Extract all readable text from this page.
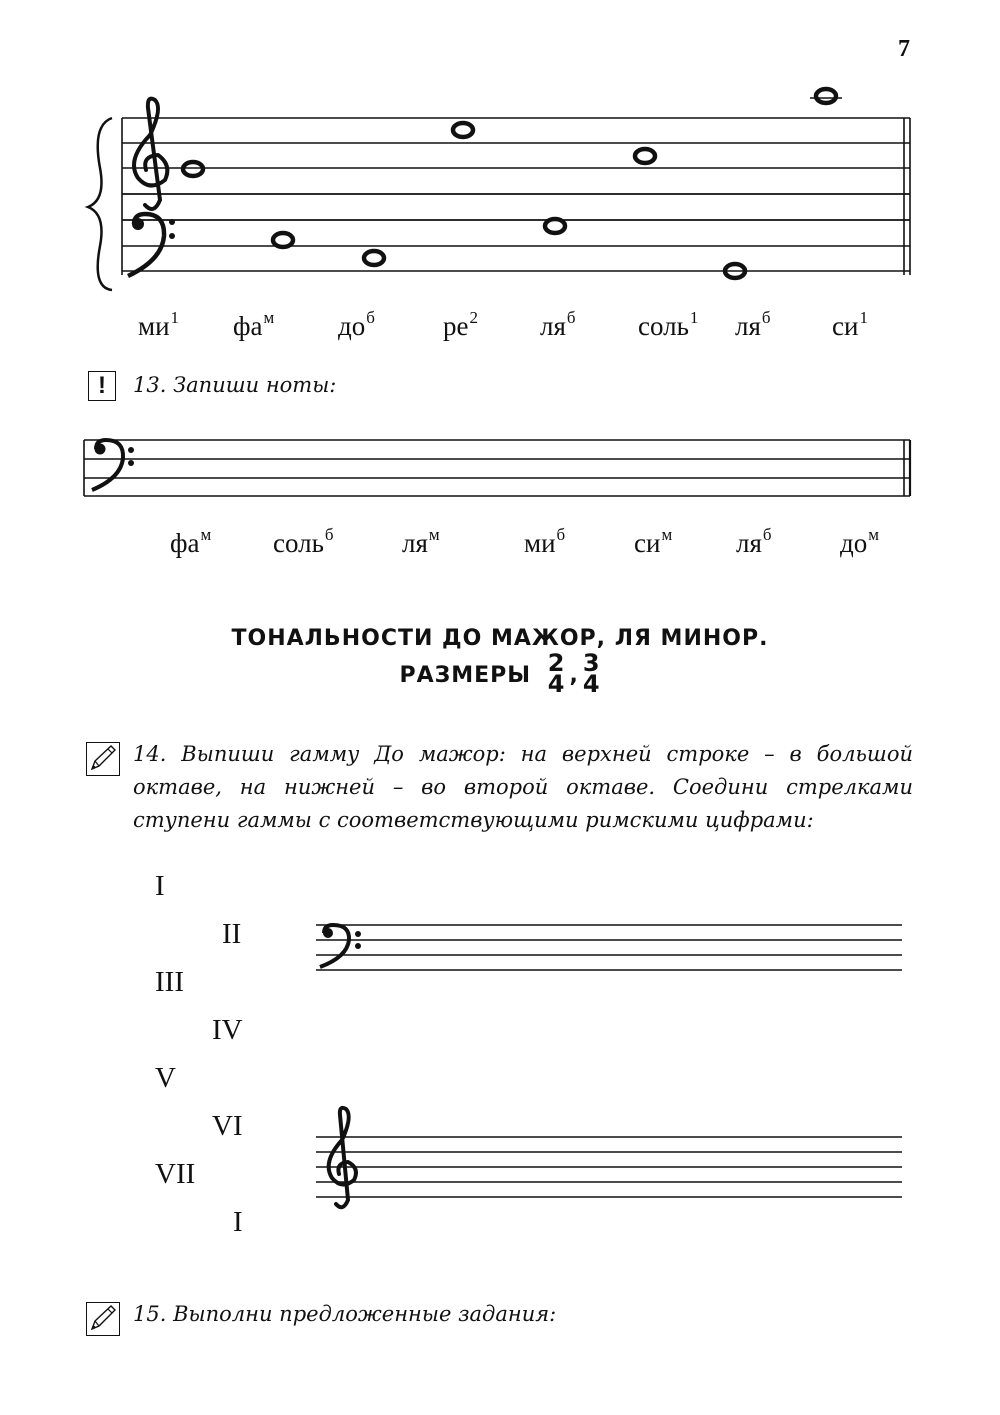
7
$ми^1$ $фа^м$ $до^б$	$ре^2$ $ля^б$ соль$^1$ $ля^б$ $си^1$
!	13. Запиши ноты:
$фа^м$ соль$^б$	$ля^м$	$ми^б$	$си^м$ $ля^б$	$до^м$
ТОНАЛЬНОСТИ ДО МАЖОР, ЛЯ МИНОР.
РАЗМЕРЫ 2
4 , 3
4
14. Выпиши гамму До мажор: на верхней строке – в большой октаве, на нижней – во второй октаве. Соедини стрелками ступени гаммы с соответствующими римскими цифрами:
I
II
III
IV
V
VI
VII
I
15. Выполни предложенные задания:
